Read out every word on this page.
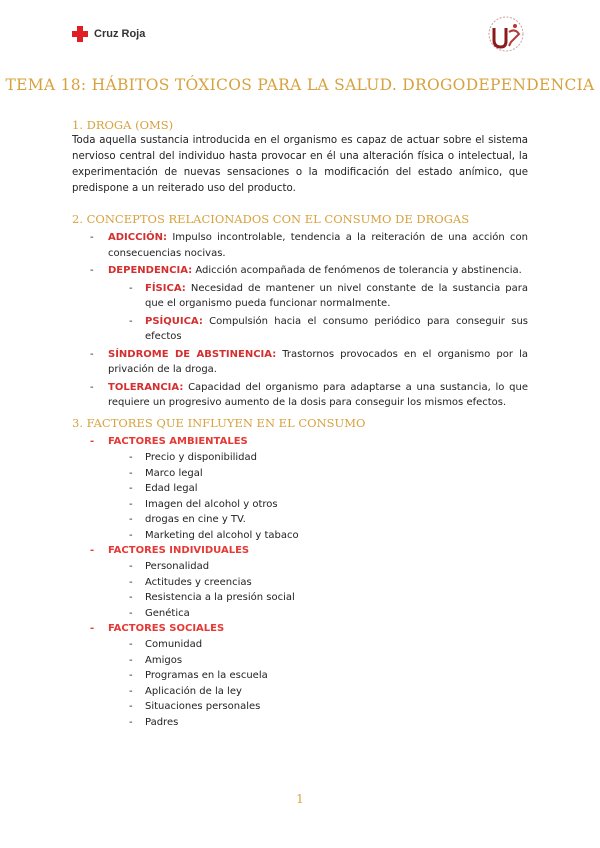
Cruz Roja
TEMA 18: HÁBITOS TÓXICOS PARA LA SALUD. DROGODEPENDENCIA
1. DROGA (OMS)
Toda aquella sustancia introducida en el organismo es capaz de actuar sobre el sistema nervioso central del individuo hasta provocar en él una alteración física o intelectual, la experimentación de nuevas sensaciones o la modificación del estado anímico, que predispone a un reiterado uso del producto.
2. CONCEPTOS RELACIONADOS CON EL CONSUMO DE DROGAS
- ADICCIÓN: Impulso incontrolable, tendencia a la reiteración de una acción con consecuencias nocivas.
- DEPENDENCIA: Adicción acompañada de fenómenos de tolerancia y abstinencia.
- FÍSICA: Necesidad de mantener un nivel constante de la sustancia para que el organismo pueda funcionar normalmente.
- PSÍQUICA: Compulsión hacia el consumo periódico para conseguir sus efectos
- SÍNDROME DE ABSTINENCIA: Trastornos provocados en el organismo por la privación de la droga.
- TOLERANCIA: Capacidad del organismo para adaptarse a una sustancia, lo que requiere un progresivo aumento de la dosis para conseguir los mismos efectos.
3. FACTORES QUE INFLUYEN EN EL CONSUMO
- FACTORES AMBIENTALES
- Precio y disponibilidad
- Marco legal
- Edad legal
- Imagen del alcohol y otros
- drogas en cine y TV.
- Marketing del alcohol y tabaco
- FACTORES INDIVIDUALES
- Personalidad
- Actitudes y creencias
- Resistencia a la presión social
- Genética
- FACTORES SOCIALES
- Comunidad
- Amigos
- Programas en la escuela
- Aplicación de la ley
- Situaciones personales
- Padres
1
